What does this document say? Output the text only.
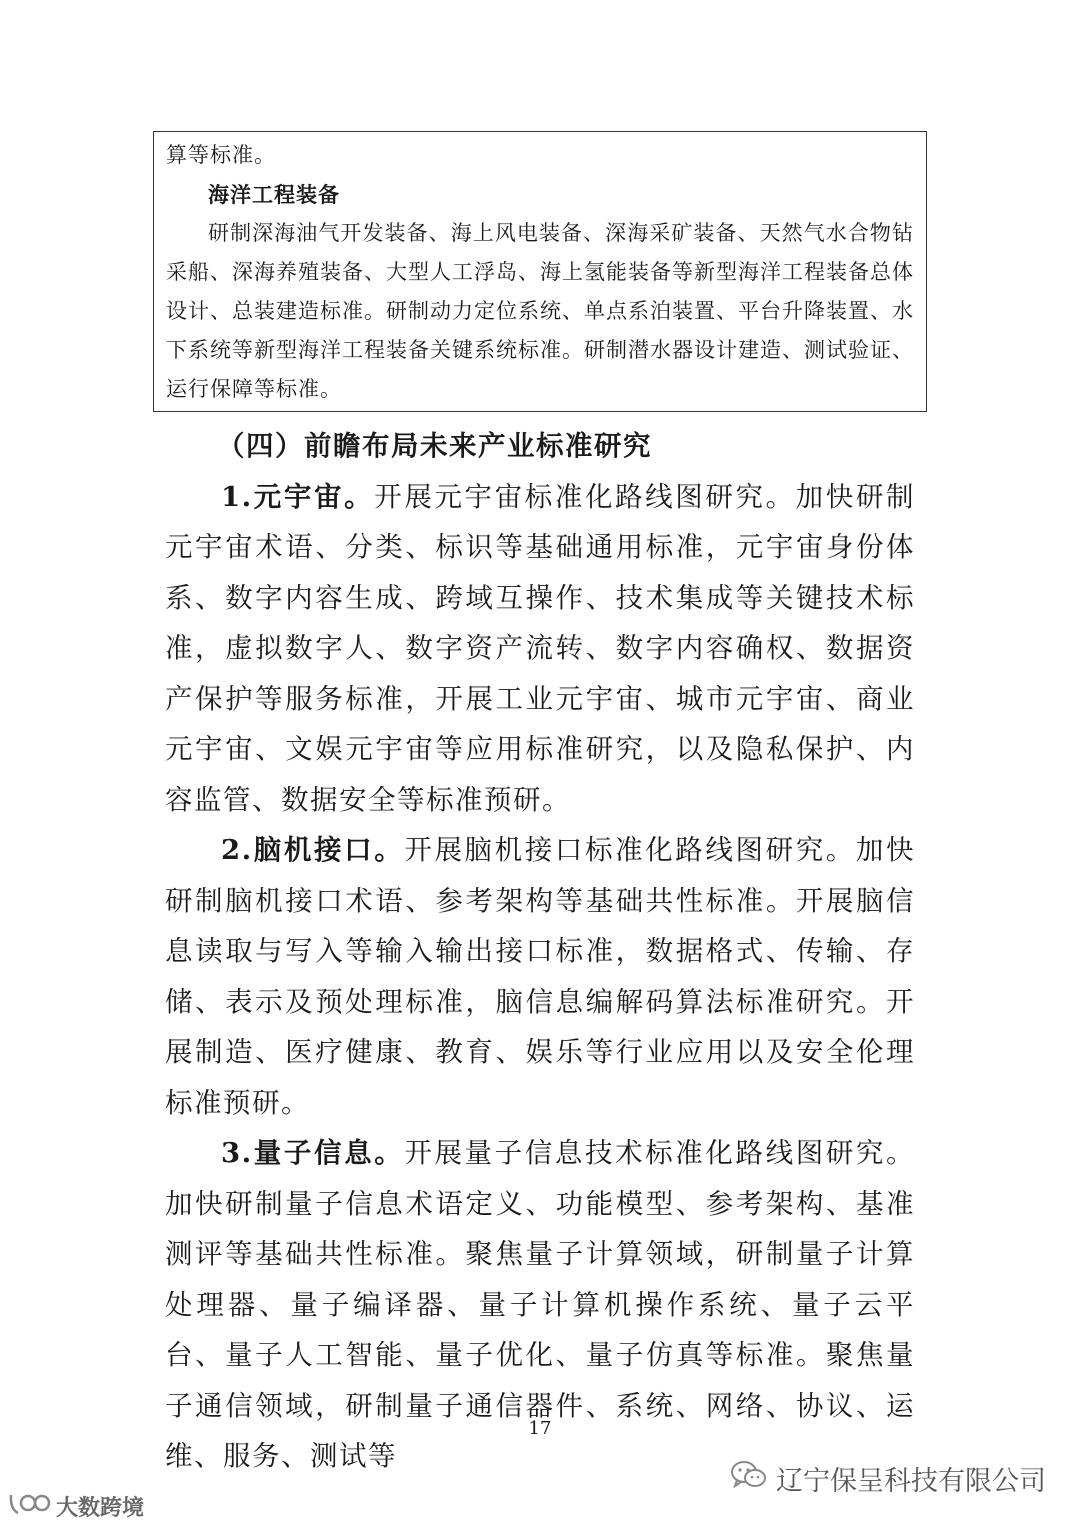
算等标准。

海洋工程装备

研制深海油气开发装备、海上风电装备、深海采矿装备、天然气水合物钻采船、深海养殖装备、大型人工浮岛、海上氢能装备等新型海洋工程装备总体设计、总装建造标准。研制动力定位系统、单点系泊装置、平台升降装置、水下系统等新型海洋工程装备关键系统标准。研制潜水器设计建造、测试验证、运行保障等标准。

（四）前瞻布局未来产业标准研究

1.元宇宙。开展元宇宙标准化路线图研究。加快研制元宇宙术语、分类、标识等基础通用标准，元宇宙身份体系、数字内容生成、跨域互操作、技术集成等关键技术标准，虚拟数字人、数字资产流转、数字内容确权、数据资产保护等服务标准，开展工业元宇宙、城市元宇宙、商业元宇宙、文娱元宇宙等应用标准研究，以及隐私保护、内容监管、数据安全等标准预研。

2.脑机接口。开展脑机接口标准化路线图研究。加快研制脑机接口术语、参考架构等基础共性标准。开展脑信息读取与写入等输入输出接口标准，数据格式、传输、存储、表示及预处理标准，脑信息编解码算法标准研究。开展制造、医疗健康、教育、娱乐等行业应用以及安全伦理标准预研。

3.量子信息。开展量子信息技术标准化路线图研究。加快研制量子信息术语定义、功能模型、参考架构、基准测评等基础共性标准。聚焦量子计算领域，研制量子计算处理器、量子编译器、量子计算机操作系统、量子云平台、量子人工智能、量子优化、量子仿真等标准。聚焦量子通信领域，研制量子通信器件、系统、网络、协议、运维、服务、测试等

17
辽宁保呈科技有限公司
大数跨境
